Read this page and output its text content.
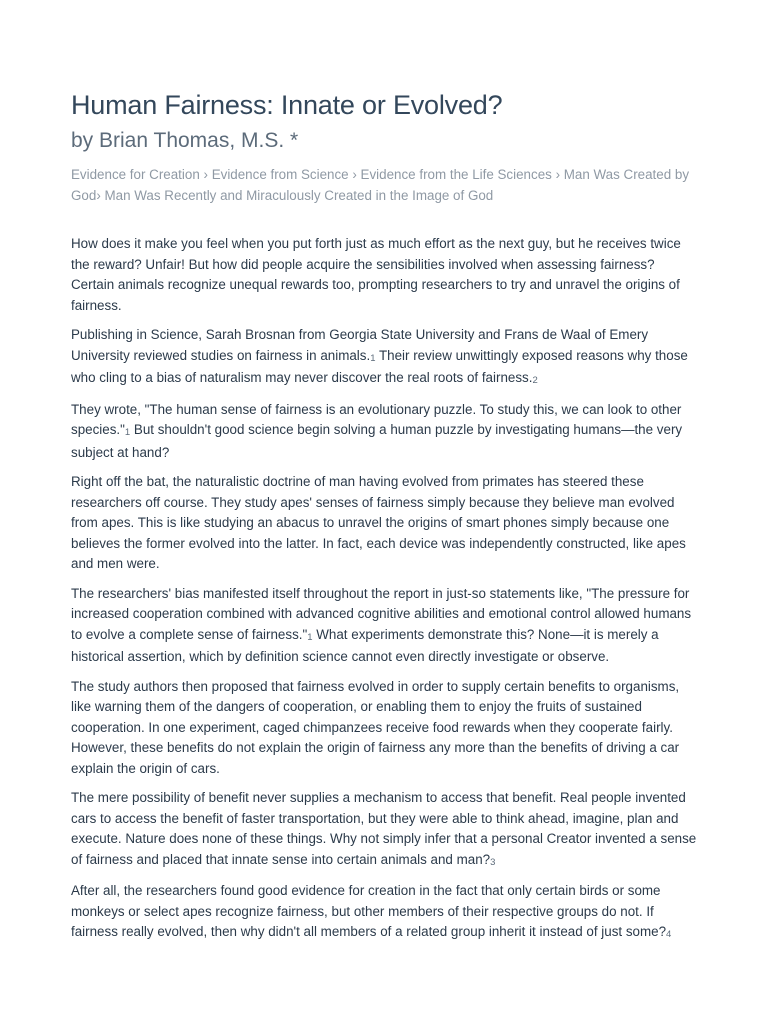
Human Fairness: Innate or Evolved?
by Brian Thomas, M.S. *
Evidence for Creation › Evidence from Science › Evidence from the Life Sciences › Man Was Created by God› Man Was Recently and Miraculously Created in the Image of God

How does it make you feel when you put forth just as much effort as the next guy, but he receives twice the reward? Unfair! But how did people acquire the sensibilities involved when assessing fairness? Certain animals recognize unequal rewards too, prompting researchers to try and unravel the origins of fairness.

Publishing in Science, Sarah Brosnan from Georgia State University and Frans de Waal of Emery University reviewed studies on fairness in animals.1 Their review unwittingly exposed reasons why those who cling to a bias of naturalism may never discover the real roots of fairness.2

They wrote, "The human sense of fairness is an evolutionary puzzle. To study this, we can look to other species."1 But shouldn't good science begin solving a human puzzle by investigating humans—the very subject at hand?

Right off the bat, the naturalistic doctrine of man having evolved from primates has steered these researchers off course. They study apes' senses of fairness simply because they believe man evolved from apes. This is like studying an abacus to unravel the origins of smart phones simply because one believes the former evolved into the latter. In fact, each device was independently constructed, like apes and men were.

The researchers' bias manifested itself throughout the report in just-so statements like, "The pressure for increased cooperation combined with advanced cognitive abilities and emotional control allowed humans to evolve a complete sense of fairness."1 What experiments demonstrate this? None—it is merely a historical assertion, which by definition science cannot even directly investigate or observe.

The study authors then proposed that fairness evolved in order to supply certain benefits to organisms, like warning them of the dangers of cooperation, or enabling them to enjoy the fruits of sustained cooperation. In one experiment, caged chimpanzees receive food rewards when they cooperate fairly. However, these benefits do not explain the origin of fairness any more than the benefits of driving a car explain the origin of cars.

The mere possibility of benefit never supplies a mechanism to access that benefit. Real people invented cars to access the benefit of faster transportation, but they were able to think ahead, imagine, plan and execute. Nature does none of these things. Why not simply infer that a personal Creator invented a sense of fairness and placed that innate sense into certain animals and man?3

After all, the researchers found good evidence for creation in the fact that only certain birds or some monkeys or select apes recognize fairness, but other members of their respective groups do not. If fairness really evolved, then why didn't all members of a related group inherit it instead of just some?4
